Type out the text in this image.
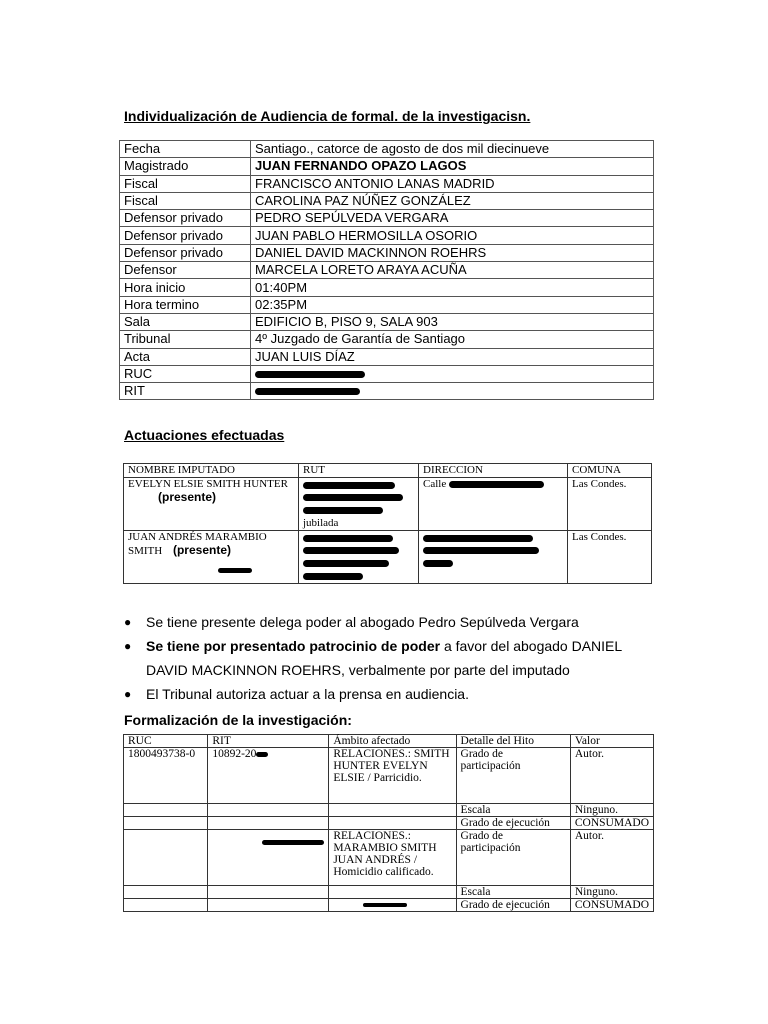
Individualización de Audiencia de formal. de la investigacisn.

Fecha	Santiago., catorce de agosto de dos mil diecinueve
Magistrado	JUAN FERNANDO OPAZO LAGOS
Fiscal	FRANCISCO ANTONIO LANAS MADRID
Fiscal	CAROLINA PAZ NÚÑEZ GONZÁLEZ
Defensor privado	PEDRO SEPÚLVEDA VERGARA
Defensor privado	JUAN PABLO HERMOSILLA OSORIO
Defensor privado	DANIEL DAVID MACKINNON ROEHRS
Defensor	MARCELA LORETO ARAYA ACUÑA
Hora inicio	01:40PM
Hora termino	02:35PM
Sala	EDIFICIO B, PISO 9, SALA 903
Tribunal	4º Juzgado de Garantía de Santiago
Acta	JUAN LUIS DÍAZ
RUC	
RIT	

Actuaciones efectuadas

NOMBRE IMPUTADO	RUT	DIRECCION	COMUNA
EVELYN ELSIE SMITH HUNTER (presente)	jubilada	Calle	Las Condes.
JUAN ANDRÉS MARAMBIO SMITH (presente)			Las Condes.
● Se tiene presente delega poder al abogado Pedro Sepúlveda Vergara
● Se tiene por presentado patrocinio de poder a favor del abogado DANIEL DAVID MACKINNON ROEHRS, verbalmente por parte del imputado
● El Tribunal autoriza actuar a la prensa en audiencia.

Formalización de la investigación:

RUC	RIT	Ámbito afectado	Detalle del Hito	Valor
1800493738-0	10892-20	RELACIONES.: SMITH HUNTER EVELYN ELSIE / Parricidio.	Grado de participación	Autor.
			Escala	Ninguno.
			Grado de ejecución	CONSUMADO
		RELACIONES.: MARAMBIO SMITH JUAN ANDRÉS / Homicidio calificado.	Grado de participación	Autor.
			Escala	Ninguno.
			Grado de ejecución	CONSUMADO
